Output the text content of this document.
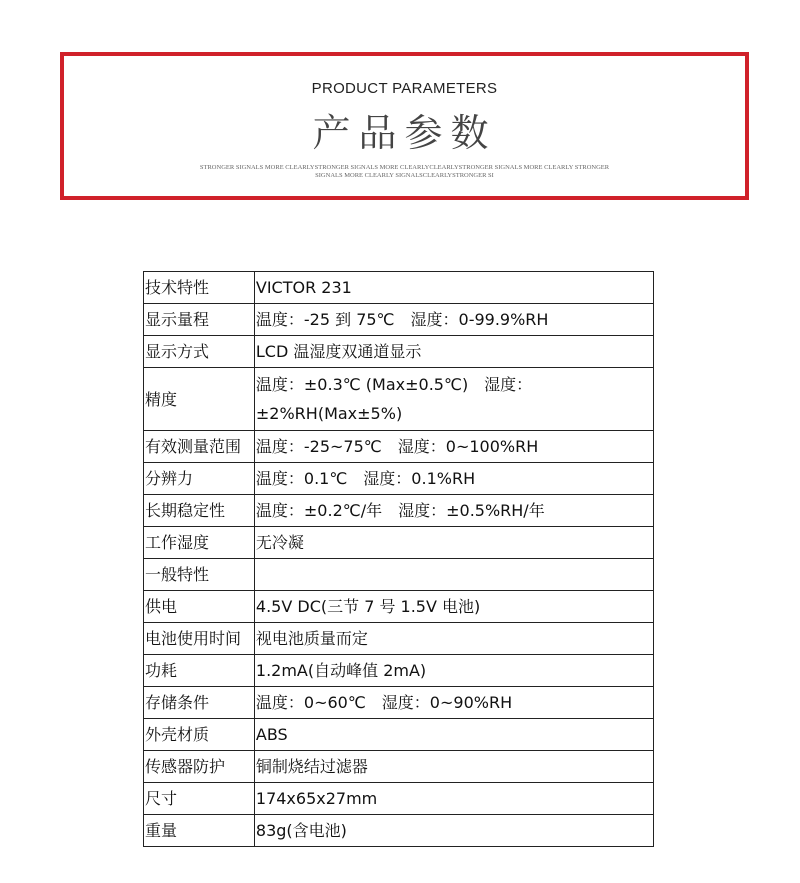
PRODUCT PARAMETERS
产品参数
STRONGER SIGNALS MORE CLEARLYSTRONGER SIGNALS MORE CLEARLYCLEARLYSTRONGER SIGNALS MORE CLEARLY STRONGER SIGNALS MORE CLEARLY SIGNALSCLEARLYSTRONGER SI
技术特性	VICTOR 231
显示量程	温度：-25 到 75℃　湿度：0-99.9%RH
显示方式	LCD 温湿度双通道显示
精度	温度：±0.3℃ (Max±0.5℃)　湿度：±2%RH(Max±5%)
有效测量范围	温度：-25~75℃　湿度：0~100%RH
分辨力	温度：0.1℃　湿度：0.1%RH
长期稳定性	温度：±0.2℃/年　湿度：±0.5%RH/年
工作湿度	无冷凝
一般特性	
供电	4.5V DC(三节 7 号 1.5V 电池)
电池使用时间	视电池质量而定
功耗	1.2mA(自动峰值 2mA)
存储条件	温度：0~60℃　湿度：0~90%RH
外壳材质	ABS
传感器防护	铜制烧结过滤器
尺寸	174x65x27mm
重量	83g(含电池)
